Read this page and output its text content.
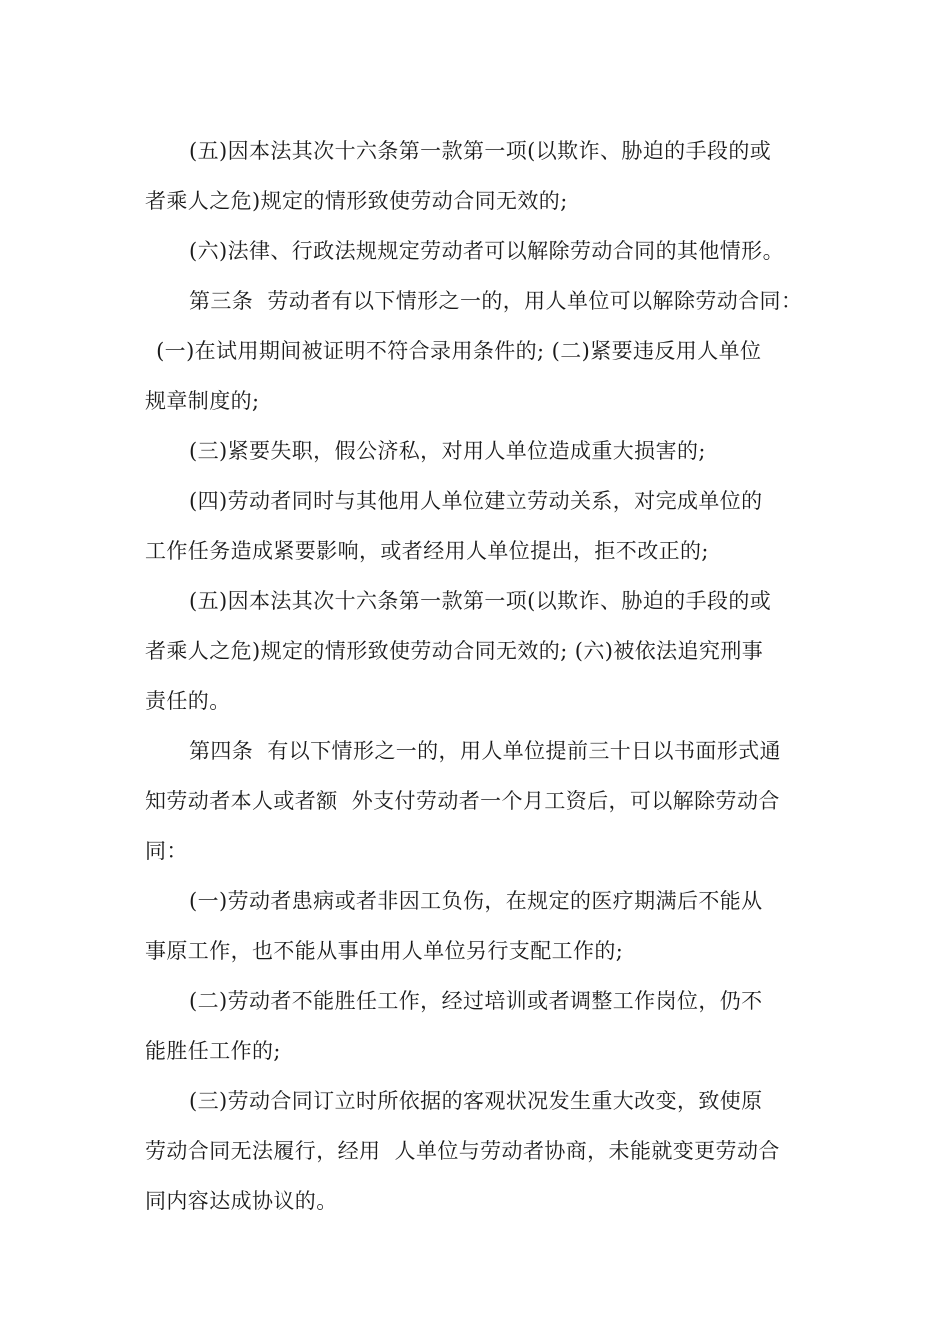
(五)因本法其次十六条第一款第一项(以欺诈、胁迫的手段的或
者乘人之危)规定的情形致使劳动合同无效的;
(六)法律、行政法规规定劳动者可以解除劳动合同的其他情形。
第三条  劳动者有以下情形之一的，用人单位可以解除劳动合同：
(一)在试用期间被证明不符合录用条件的; (二)紧要违反用人单位
规章制度的;
(三)紧要失职，假公济私，对用人单位造成重大损害的;
(四)劳动者同时与其他用人单位建立劳动关系，对完成单位的
工作任务造成紧要影响，或者经用人单位提出，拒不改正的;
(五)因本法其次十六条第一款第一项(以欺诈、胁迫的手段的或
者乘人之危)规定的情形致使劳动合同无效的; (六)被依法追究刑事
责任的。
第四条  有以下情形之一的，用人单位提前三十日以书面形式通
知劳动者本人或者额  外支付劳动者一个月工资后，可以解除劳动合
同：
(一)劳动者患病或者非因工负伤，在规定的医疗期满后不能从
事原工作，也不能从事由用人单位另行支配工作的;
(二)劳动者不能胜任工作，经过培训或者调整工作岗位，仍不
能胜任工作的;
(三)劳动合同订立时所依据的客观状况发生重大改变，致使原
劳动合同无法履行，经用  人单位与劳动者协商，未能就变更劳动合
同内容达成协议的。
